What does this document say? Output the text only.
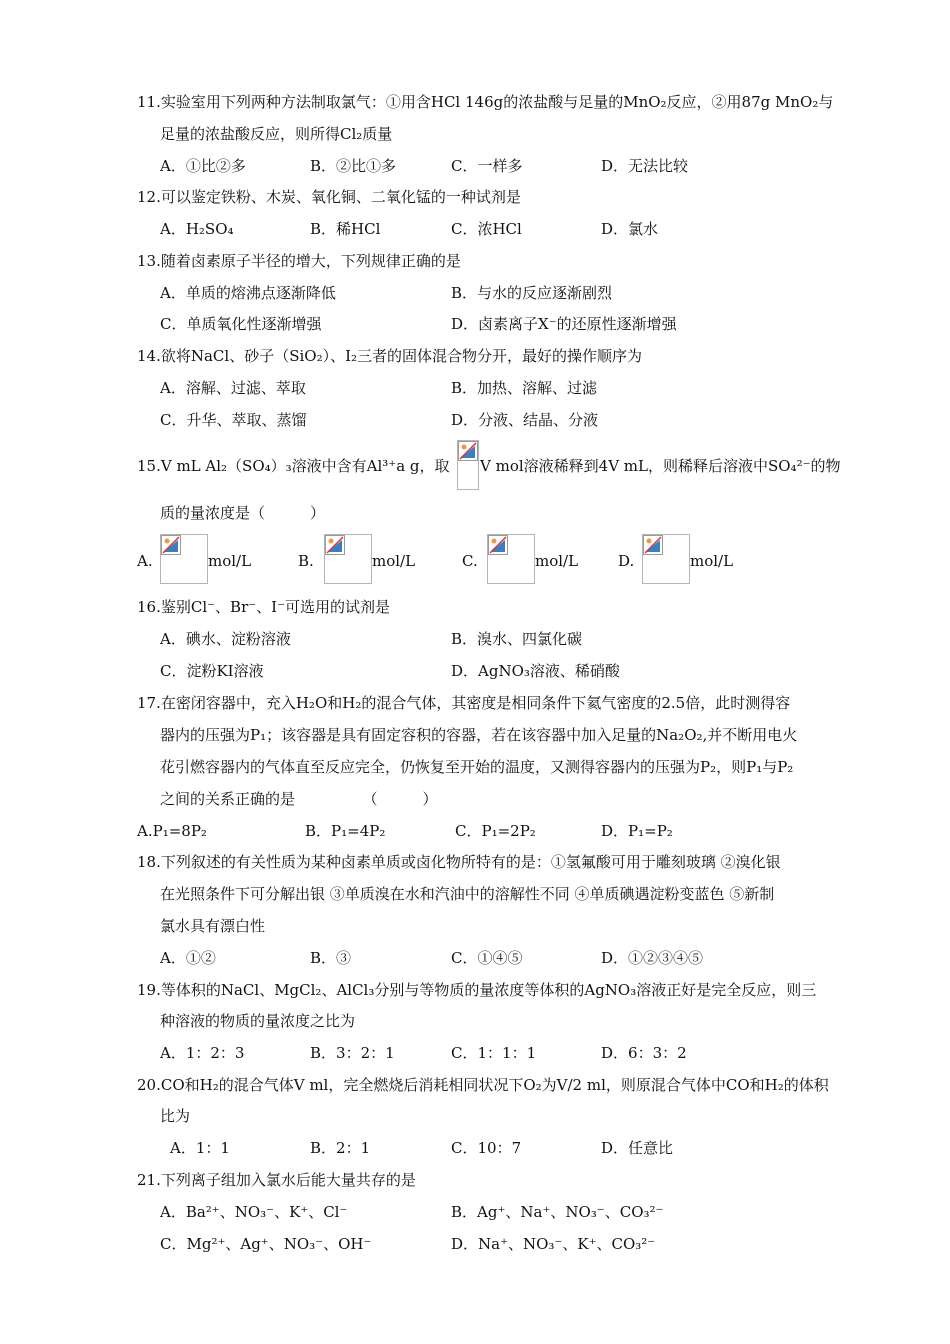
11.实验室用下列两种方法制取氯气：①用含HCl 146g的浓盐酸与足量的MnO₂反应，②用87g MnO₂与
足量的浓盐酸反应，则所得Cl₂质量
A．①比②多	B．②比①多	C．一样多	D．无法比较
12.可以鉴定铁粉、木炭、氧化铜、二氧化锰的一种试剂是
A．H₂SO₄	B．稀HCl	C．浓HCl	D．氯水
13.随着卤素原子半径的增大，下列规律正确的是
A．单质的熔沸点逐渐降低	B．与水的反应逐渐剧烈
C．单质氧化性逐渐增强	D．卤素离子X⁻的还原性逐渐增强
14.欲将NaCl、砂子（SiO₂）、I₂三者的固体混合物分开，最好的操作顺序为
A．溶解、过滤、萃取	B．加热、溶解、过滤
C．升华、萃取、蒸馏	D．分液、结晶、分液
15.V mL Al₂（SO₄）₃溶液中含有Al³⁺a g，取 V mol溶液稀释到4V mL，则稀释后溶液中SO₄²⁻的物
质的量浓度是（　　　）
A.	mol/L	B.	mol/L	C.	mol/L	D.	mol/L
16.鉴别Cl⁻、Br⁻、I⁻可选用的试剂是
A．碘水、淀粉溶液	B．溴水、四氯化碳
C．淀粉KI溶液	D．AgNO₃溶液、稀硝酸
17.在密闭容器中，充入H₂O和H₂的混合气体，其密度是相同条件下氦气密度的2.5倍，此时测得容
器内的压强为P₁；该容器是具有固定容积的容器，若在该容器中加入足量的Na₂O₂,并不断用电火
花引燃容器内的气体直至反应完全，仍恢复至开始的温度，又测得容器内的压强为P₂，则P₁与P₂
之间的关系正确的是　　　　　（　　　）
A.P₁=8P₂	B．P₁=4P₂	C．P₁=2P₂	D．P₁=P₂
18.下列叙述的有关性质为某种卤素单质或卤化物所特有的是：①氢氟酸可用于雕刻玻璃 ②溴化银
在光照条件下可分解出银 ③单质溴在水和汽油中的溶解性不同 ④单质碘遇淀粉变蓝色 ⑤新制
氯水具有漂白性
A．①②	B．③	C．①④⑤	D．①②③④⑤
19.等体积的NaCl、MgCl₂、AlCl₃分别与等物质的量浓度等体积的AgNO₃溶液正好是完全反应，则三
种溶液的物质的量浓度之比为
A．1：2：3	B．3：2：1	C．1：1：1	D．6：3：2
20.CO和H₂的混合气体V ml，完全燃烧后消耗相同状况下O₂为V/2 ml，则原混合气体中CO和H₂的体积
比为
A．1：1	B．2：1	C．10：7	D．任意比
21.下列离子组加入氯水后能大量共存的是
A．Ba²⁺、NO₃⁻、K⁺、Cl⁻	B．Ag⁺、Na⁺、NO₃⁻、CO₃²⁻
C．Mg²⁺、Ag⁺、NO₃⁻、OH⁻	D．Na⁺、NO₃⁻、K⁺、CO₃²⁻
